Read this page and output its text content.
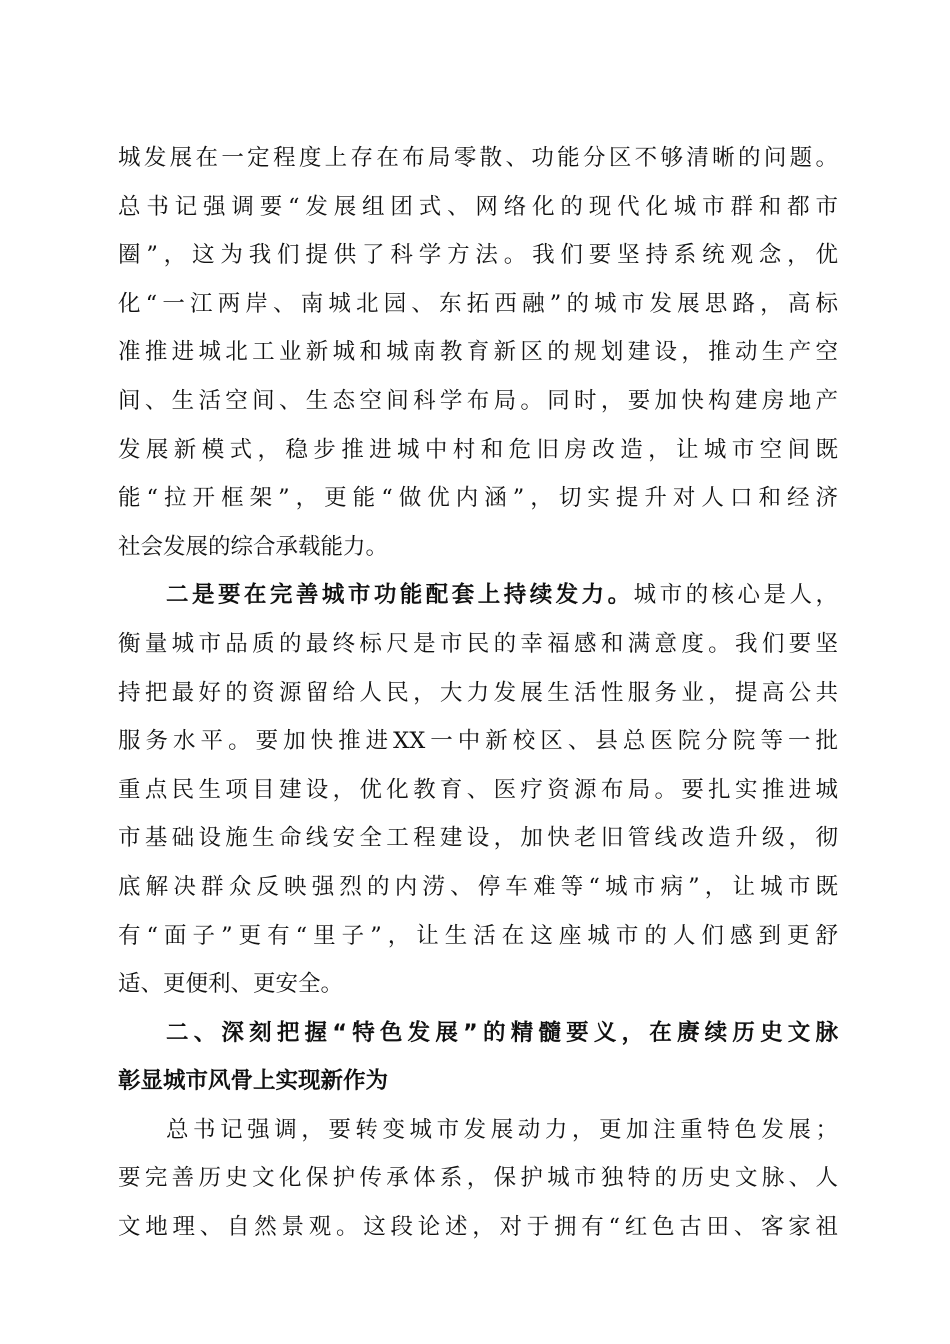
城发展在一定程度上存在布局零散、功能分区不够清晰的问题。
总书记强调要“发展组团式、网络化的现代化城市群和都市
圈”，这为我们提供了科学方法。我们要坚持系统观念，优
化“一江两岸、南城北园、东拓西融”的城市发展思路，高标
准推进城北工业新城和城南教育新区的规划建设，推动生产空
间、生活空间、生态空间科学布局。同时，要加快构建房地产
发展新模式，稳步推进城中村和危旧房改造，让城市空间既
能“拉开框架”，更能“做优内涵”，切实提升对人口和经济
社会发展的综合承载能力。
二是要在完善城市功能配套上持续发力。城市的核心是人，
衡量城市品质的最终标尺是市民的幸福感和满意度。我们要坚
持把最好的资源留给人民，大力发展生活性服务业，提高公共
服务水平。要加快推进XX一中新校区、县总医院分院等一批
重点民生项目建设，优化教育、医疗资源布局。要扎实推进城
市基础设施生命线安全工程建设，加快老旧管线改造升级，彻
底解决群众反映强烈的内涝、停车难等“城市病”，让城市既
有“面子”更有“里子”，让生活在这座城市的人们感到更舒
适、更便利、更安全。
二、深刻把握“特色发展”的精髓要义，在赓续历史文脉
彰显城市风骨上实现新作为
总书记强调，要转变城市发展动力，更加注重特色发展；
要完善历史文化保护传承体系，保护城市独特的历史文脉、人
文地理、自然景观。这段论述，对于拥有“红色古田、客家祖
